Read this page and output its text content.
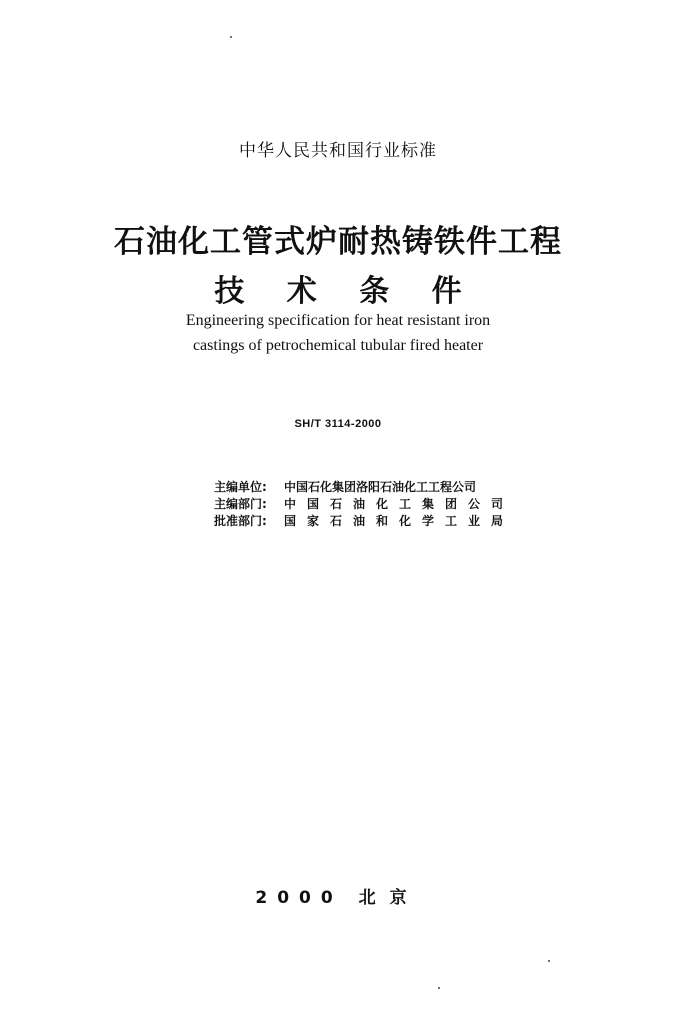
中华人民共和国行业标准
石油化工管式炉耐热铸铁件工程
技 术 条 件
Engineering specification for heat resistant iron
castings of petrochemical tubular fired heater
SH/T 3114-2000
主编单位:	中国石化集团洛阳石油化工工程公司
主编部门:	中国石油化工集团公司
批准部门:	国家石油和化学工业局
2000 北京
